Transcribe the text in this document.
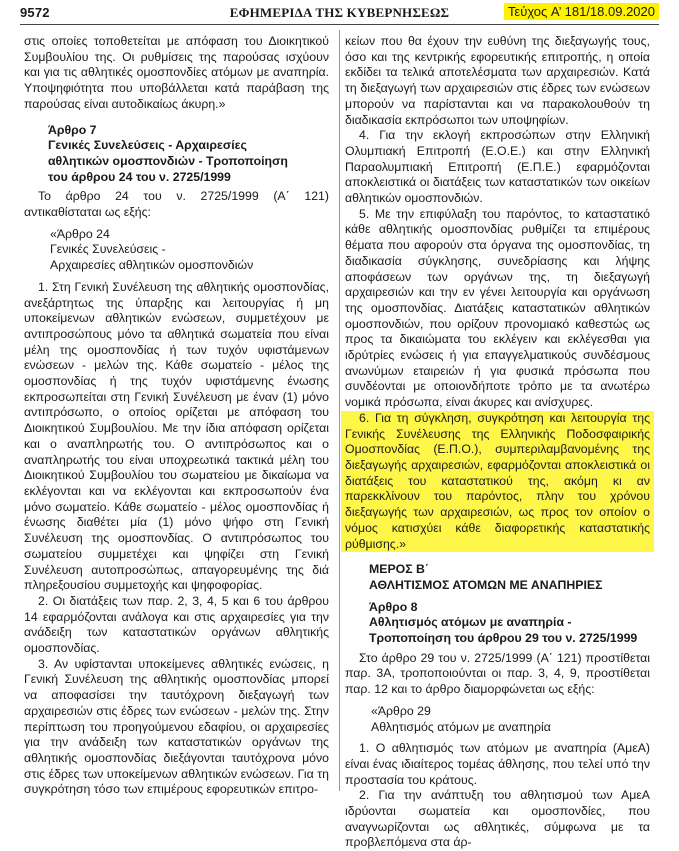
9572	ΕΦΗΜΕΡΙΔΑ TΗΣ ΚΥΒΕΡΝΗΣΕΩΣ	Τεύχος A’ 181/18.09.2020

στις οποίες τοποθετείται με απόφαση του Διοικητικού Συμβουλίου της. Οι ρυθμίσεις της παρούσας ισχύουν και για τις αθλητικές ομοσπονδίες ατόμων με αναπηρία. Υποψηφιότητα που υποβάλλεται κατά παράβαση της παρούσας είναι αυτοδικαίως άκυρη.»

Άρθρο 7
Γενικές Συνελεύσεις - Αρχαιρεσίες
αθλητικών ομοσπονδιών - Τροποποίηση
του άρθρου 24 του ν. 2725/1999

Το άρθρο 24 του ν. 2725/1999 (Α΄ 121) αντικαθίσταται ως εξής:

«Άρθρο 24

Γενικές Συνελεύσεις -

Αρχαιρεσίες αθλητικών ομοσπονδιών

1. Στη Γενική Συνέλευση της αθλητικής ομοσπονδίας, ανεξάρτητως της ύπαρξης και λειτουργίας ή μη υποκείμενων αθλητικών ενώσεων, συμμετέχουν με αντιπροσώπους μόνο τα αθλητικά σωματεία που είναι μέλη της ομοσπονδίας ή των τυχόν υφιστάμενων ενώσεων - μελών της. Κάθε σωματείο - μέλος της ομοσπονδίας ή της τυχόν υφιστάμενης ένωσης εκπροσωπείται στη Γενική Συνέλευση με έναν (1) μόνο αντιπρόσωπο, ο οποίος ορίζεται με απόφαση του Διοικητικού Συμβουλίου. Με την ίδια απόφαση ορίζεται και ο αναπληρωτής του. Ο αντιπρόσωπος και ο αναπληρωτής του είναι υποχρεωτικά τακτικά μέλη του Διοικητικού Συμβουλίου του σωματείου με δικαίωμα να εκλέγονται και να εκλέγονται και εκπροσωπούν ένα μόνο σωματείο. Κάθε σωματείο - μέλος ομοσπονδίας ή ένωσης διαθέτει μία (1) μόνο ψήφο στη Γενική Συνέλευση της ομοσπονδίας. Ο αντιπρόσωπος του σωματείου συμμετέχει και ψηφίζει στη Γενική Συνέλευση αυτοπροσώπως, απαγορευμένης της διά πληρεξουσίου συμμετοχής και ψηφοφορίας.

2. Οι διατάξεις των παρ. 2, 3, 4, 5 και 6 του άρθρου 14 εφαρμόζονται ανάλογα και στις αρχαιρεσίες για την ανάδειξη των καταστατικών οργάνων αθλητικής ομοσπονδίας.

3. Αν υφίστανται υποκείμενες αθλητικές ενώσεις, η Γενική Συνέλευση της αθλητικής ομοσπονδίας μπορεί να αποφασίσει την ταυτόχρονη διεξαγωγή των αρχαιρεσιών στις έδρες των ενώσεων - μελών της. Στην περίπτωση του προηγούμενου εδαφίου, οι αρχαιρεσίες για την ανάδειξη των καταστατικών οργάνων της αθλητικής ομοσπονδίας διεξάγονται ταυτόχρονα μόνο στις έδρες των υποκείμενων αθλητικών ενώσεων. Για τη συγκρότηση τόσο των επιμέρους εφορευτικών επιτρο-

κείων που θα έχουν την ευθύνη της διεξαγωγής τους, όσο και της κεντρικής εφορευτικής επιτροπής, η οποία εκδίδει τα τελικά αποτελέσματα των αρχαιρεσιών. Κατά τη διεξαγωγή των αρχαιρεσιών στις έδρες των ενώσεων μπορούν να παρίστανται και να παρακολουθούν τη διαδικασία εκπρόσωποι των υποψηφίων.

4. Για την εκλογή εκπροσώπων στην Ελληνική Ολυμπιακή Επιτροπή (Ε.Ο.Ε.) και στην Ελληνική Παραολυμπιακή Επιτροπή (Ε.Π.Ε.) εφαρμόζονται αποκλειστικά οι διατάξεις των καταστατικών των οικείων αθλητικών ομοσπονδιών.

5. Με την επιφύλαξη του παρόντος, το καταστατικό κάθε αθλητικής ομοσπονδίας ρυθμίζει τα επιμέρους θέματα που αφορούν στα όργανα της ομοσπονδίας, τη διαδικασία σύγκλησης, συνεδρίασης και λήψης αποφάσεων των οργάνων της, τη διεξαγωγή αρχαιρεσιών και την εν γένει λειτουργία και οργάνωση της ομοσπονδίας. Διατάξεις καταστατικών αθλητικών ομοσπονδιών, που ορίζουν προνομιακό καθεστώς ως προς τα δικαιώματα του εκλέγειν και εκλέγεσθαι για ιδρύτρίες ενώσεις ή για επαγγελματικούς συνδέσμους ανωνύμων εταιρειών ή για φυσικά πρόσωπα που συνδέονται με οποιονδήποτε τρόπο με τα ανωτέρω νομικά πρόσωπα, είναι άκυρες και ανίσχυρες.

6. Για τη σύγκληση, συγκρότηση και λειτουργία της Γενικής Συνέλευσης της Ελληνικής Ποδοσφαιρικής Ομοσπονδίας (Ε.Π.Ο.), συμπεριλαμβανομένης της διεξαγωγής αρχαιρεσιών, εφαρμόζονται αποκλειστικά οι διατάξεις του καταστατικού της, ακόμη κι αν παρεκκλίνουν του παρόντος, πλην του χρόνου διεξαγωγής των αρχαιρεσιών, ως προς τον οποίον ο νόμος κατισχύει κάθε διαφορετικής καταστατικής ρύθμισης.»

ΜΕΡΟΣ Β΄
ΑΘΛΗΤΙΣΜΟΣ ΑΤΟΜΩΝ ΜΕ ΑΝΑΠΗΡΙΕΣ
Άρθρο 8
Αθλητισμός ατόμων με αναπηρία -
Τροποποίηση του άρθρου 29 του ν. 2725/1999

Στο άρθρο 29 του ν. 2725/1999 (Α΄ 121) προστίθεται παρ. 3Α, τροποποιούνται οι παρ. 3, 4, 9, προστίθεται παρ. 12 και το άρθρο διαμορφώνεται ως εξής:

«Άρθρο 29

Αθλητισμός ατόμων με αναπηρία

1. Ο αθλητισμός των ατόμων με αναπηρία (ΑμεΑ) είναι ένας ιδιαίτερος τομέας άθλησης, που τελεί υπό την προστασία του κράτους.

2. Για την ανάπτυξη του αθλητισμού των ΑμεΑ ιδρύονται σωματεία και ομοσπονδίες, που αναγνωρίζονται ως αθλητικές, σύμφωνα με τα προβλεπόμενα στα άρ-
